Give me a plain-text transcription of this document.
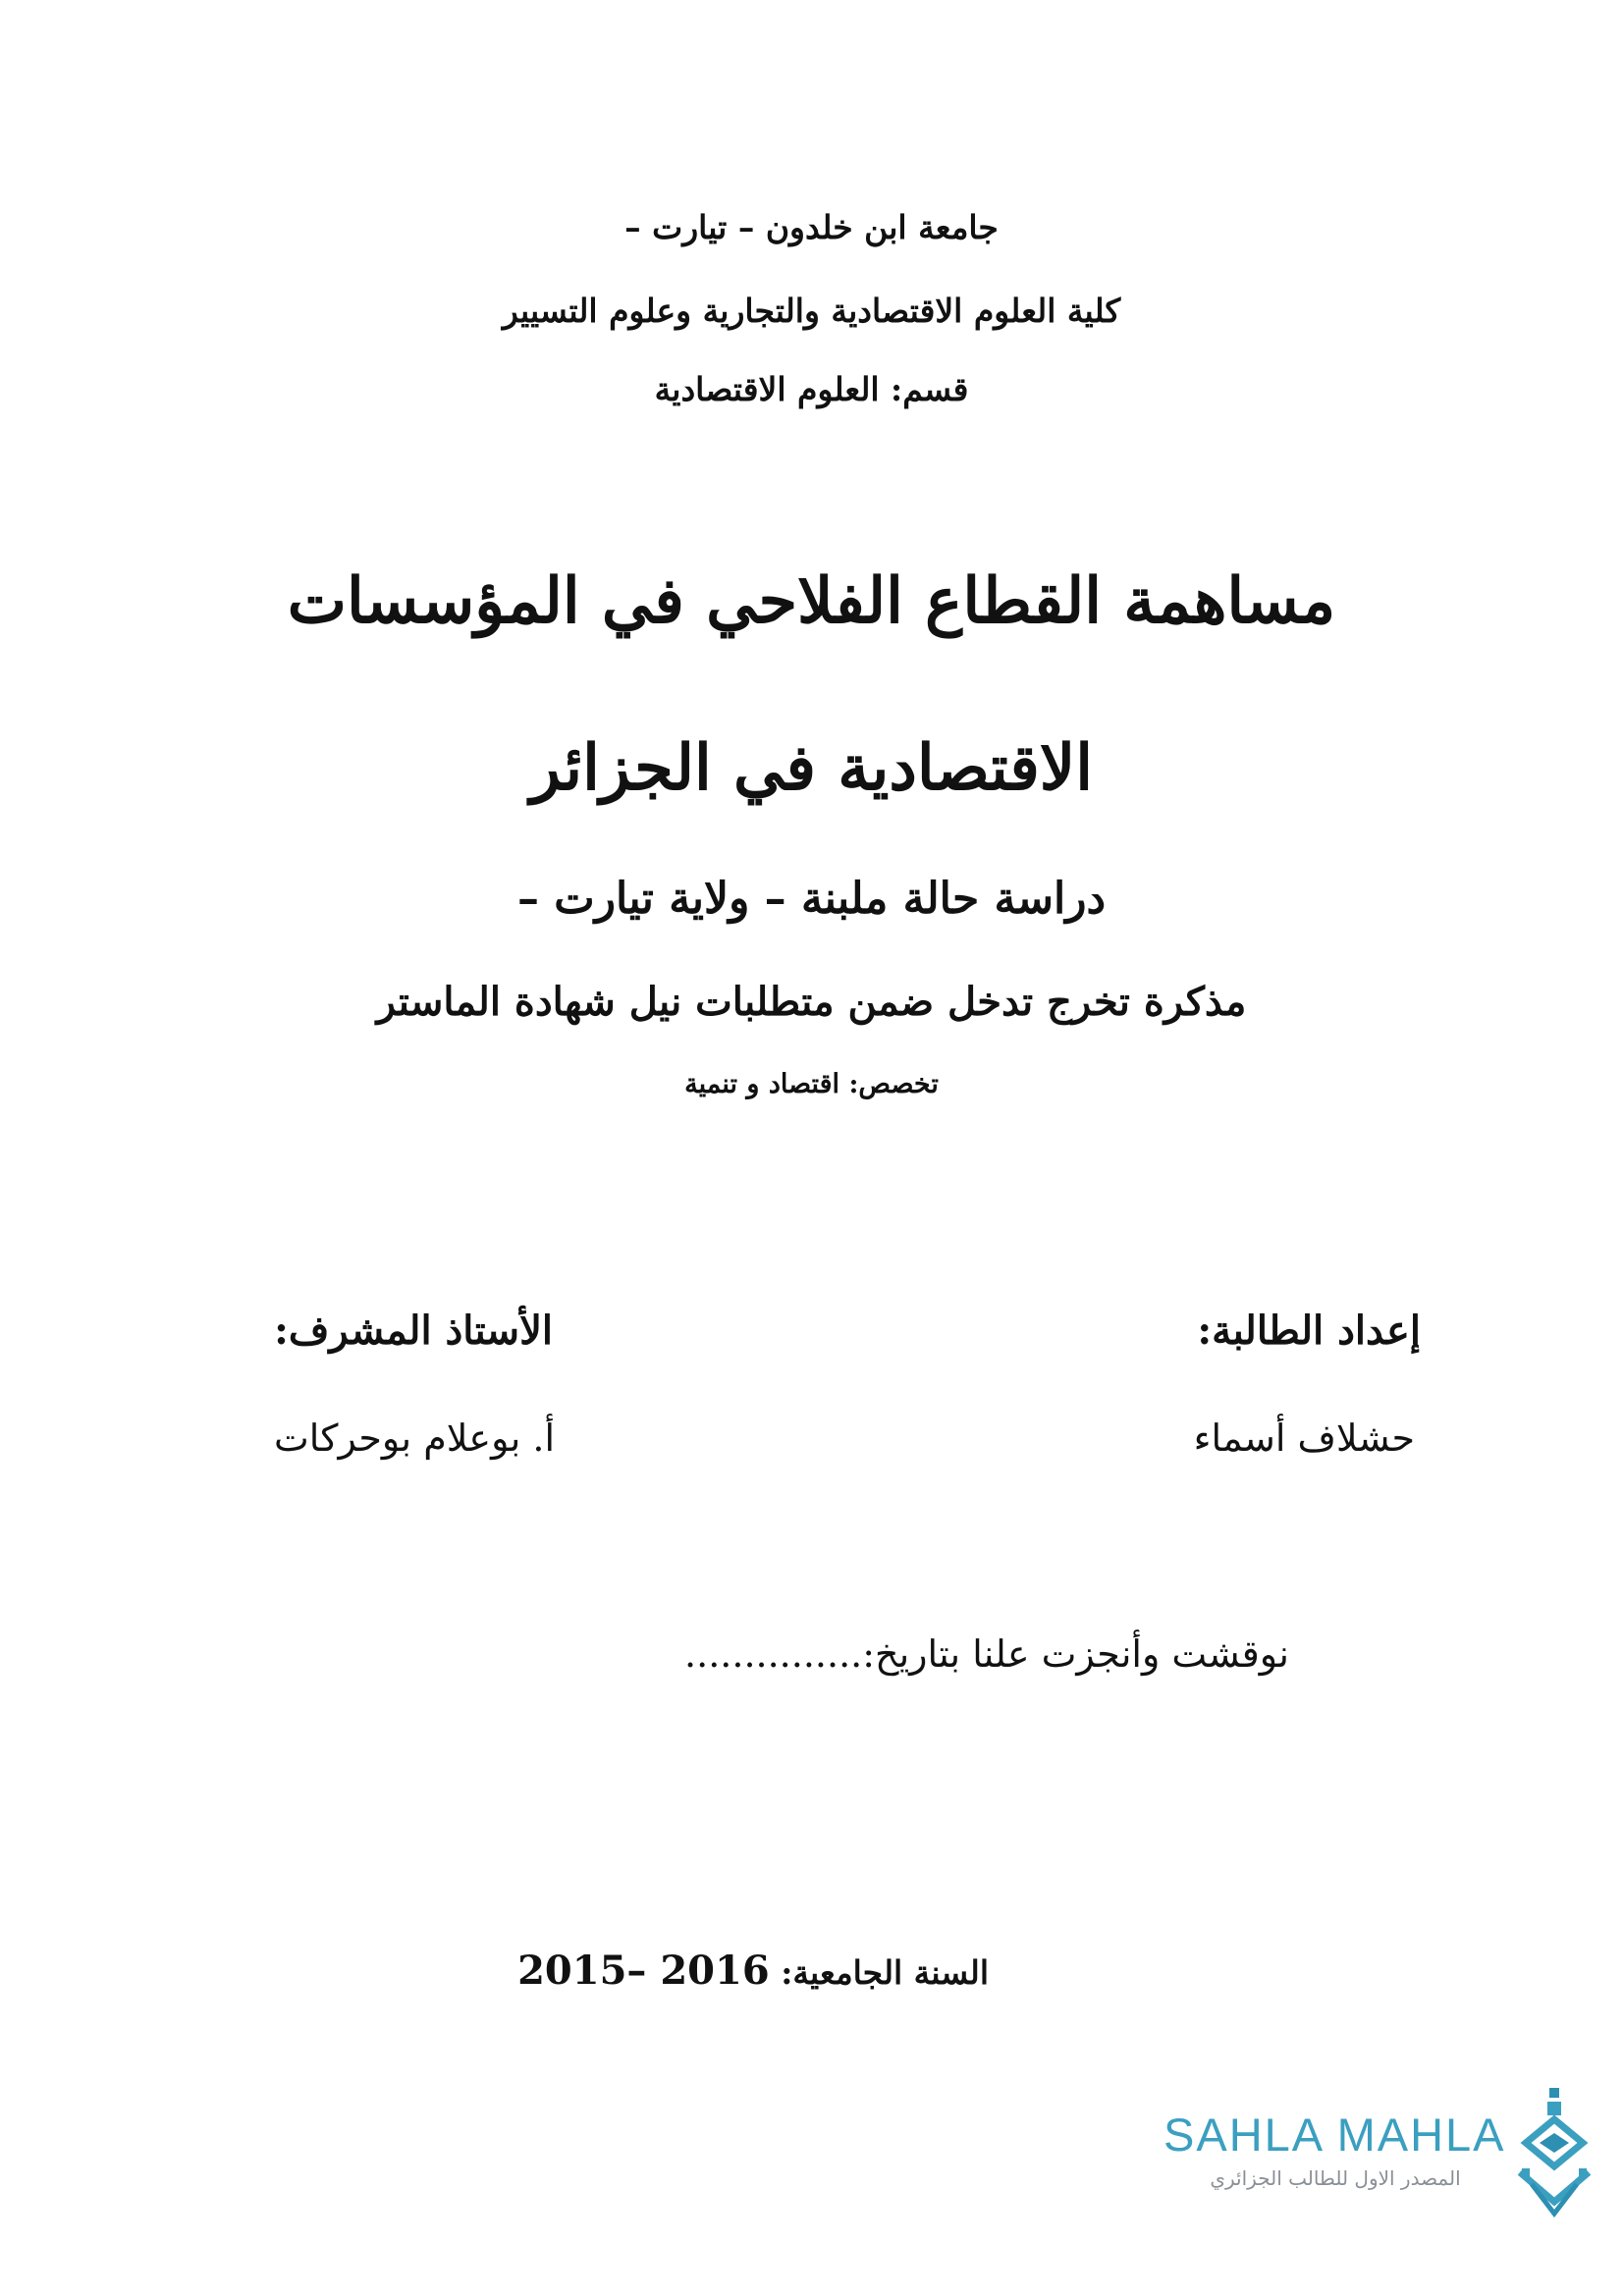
جامعة ابن خلدون – تيارت –
كلية العلوم الاقتصادية والتجارية وعلوم التسيير
قسم: العلوم الاقتصادية
مساهمة القطاع الفلاحي في المؤسسات
الاقتصادية في الجزائر
دراسة حالة ملبنة – ولاية تيارت –
مذكرة تخرج تدخل ضمن متطلبات نيل شهادة الماستر
تخصص: اقتصاد و تنمية
إعداد الطالبة:
الأستاذ المشرف:
حشلاف أسماء
أ. بوعلام بوحركات
نوقشت وأنجزت علنا بتاريخ:...............
السنة الجامعية: 2015– 2016
SAHLA MAHLA
المصدر الاول للطالب الجزائري
